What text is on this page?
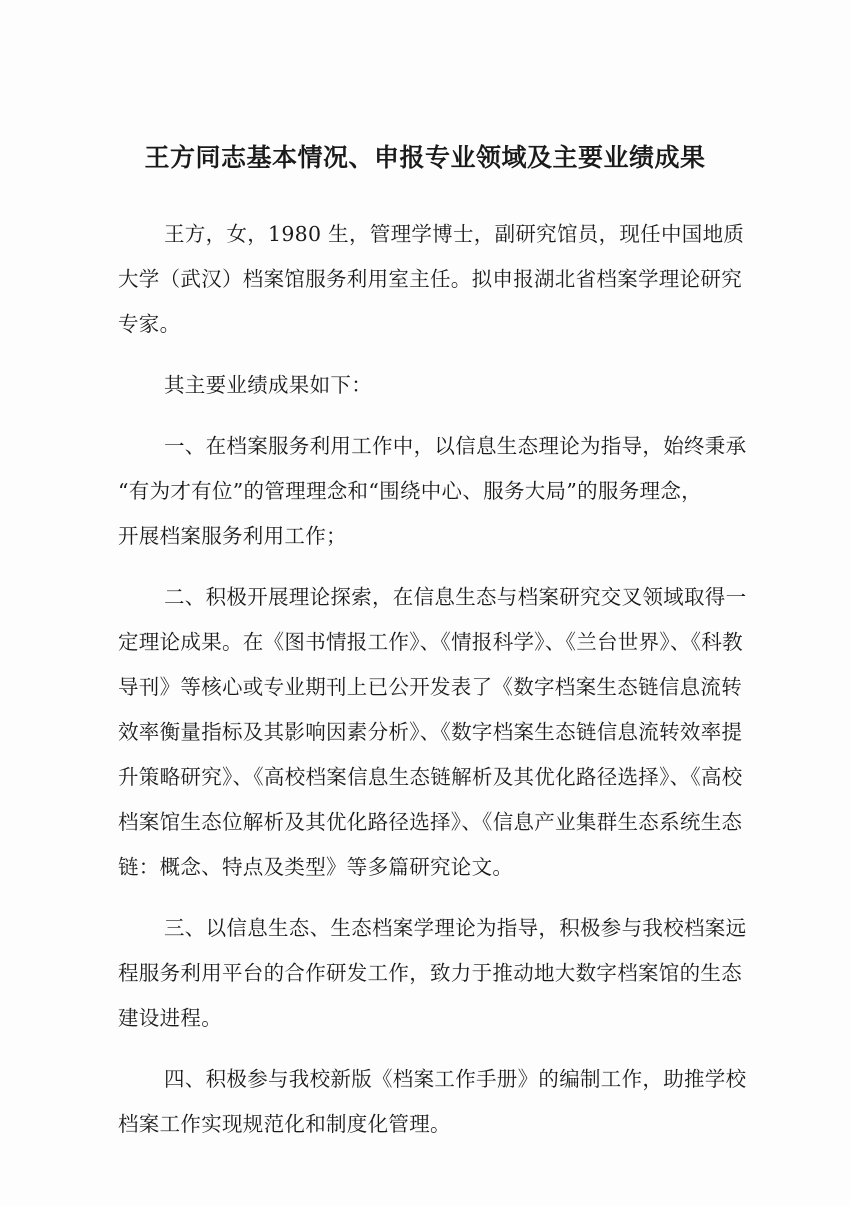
王方同志基本情况、申报专业领域及主要业绩成果
王方，女，1980 生，管理学博士，副研究馆员，现任中国地质
大学（武汉）档案馆服务利用室主任。拟申报湖北省档案学理论研究
专家。
其主要业绩成果如下：
一、在档案服务利用工作中，以信息生态理论为指导，始终秉承
“有为才有位”的管理理念和“围绕中心、服务大局”的服务理念，
开展档案服务利用工作；
二、积极开展理论探索，在信息生态与档案研究交叉领域取得一
定理论成果。在《图书情报工作》、《情报科学》、《兰台世界》、《科教
导刊》等核心或专业期刊上已公开发表了《数字档案生态链信息流转
效率衡量指标及其影响因素分析》、《数字档案生态链信息流转效率提
升策略研究》、《高校档案信息生态链解析及其优化路径选择》、《高校
档案馆生态位解析及其优化路径选择》、《信息产业集群生态系统生态
链：概念、特点及类型》等多篇研究论文。
三、以信息生态、生态档案学理论为指导，积极参与我校档案远
程服务利用平台的合作研发工作，致力于推动地大数字档案馆的生态
建设进程。
四、积极参与我校新版《档案工作手册》的编制工作，助推学校
档案工作实现规范化和制度化管理。
